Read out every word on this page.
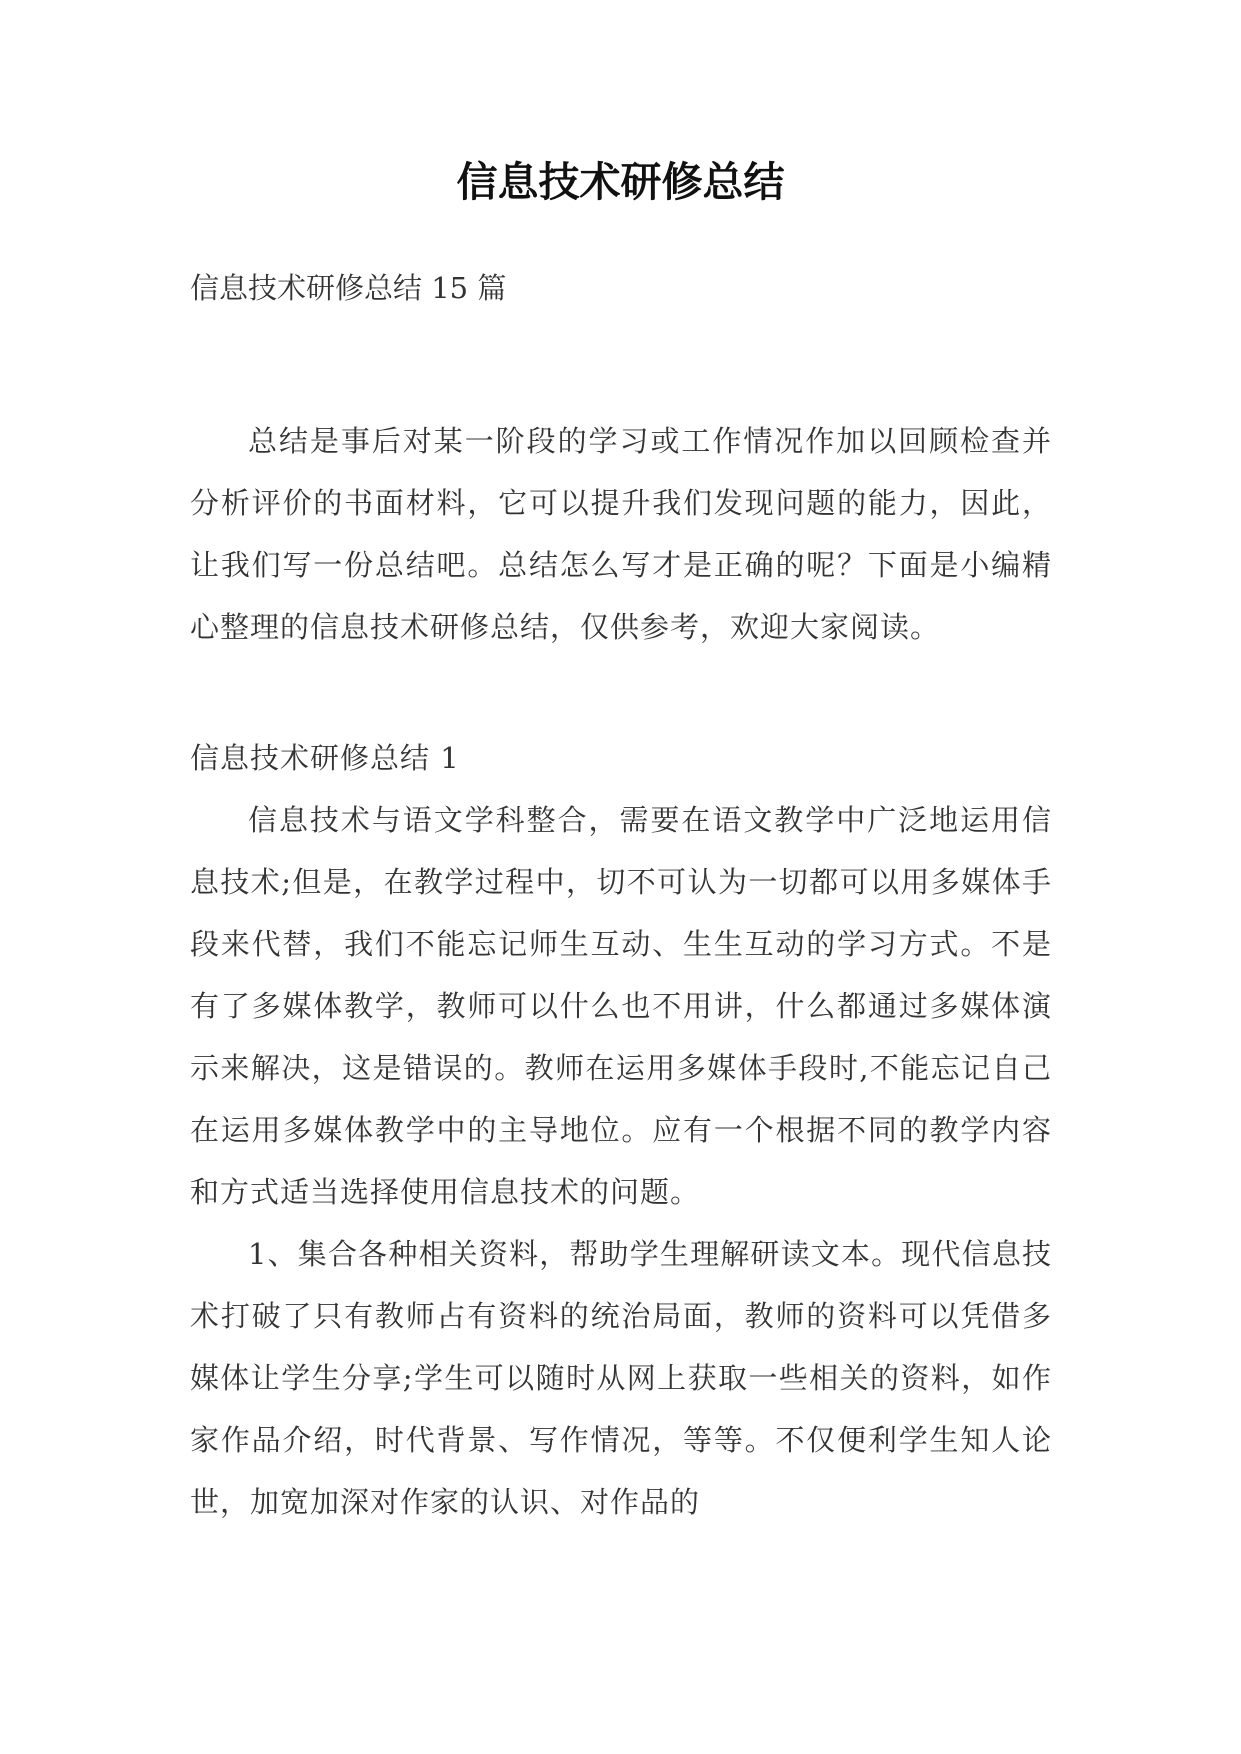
信息技术研修总结

信息技术研修总结 15 篇

总结是事后对某一阶段的学习或工作情况作加以回顾检查并分析评价的书面材料，它可以提升我们发现问题的能力，因此，让我们写一份总结吧。总结怎么写才是正确的呢？下面是小编精心整理的信息技术研修总结，仅供参考，欢迎大家阅读。

信息技术研修总结 1

信息技术与语文学科整合，需要在语文教学中广泛地运用信息技术;但是，在教学过程中，切不可认为一切都可以用多媒体手段来代替，我们不能忘记师生互动、生生互动的学习方式。不是有了多媒体教学，教师可以什么也不用讲，什么都通过多媒体演示来解决，这是错误的。教师在运用多媒体手段时,不能忘记自己在运用多媒体教学中的主导地位。应有一个根据不同的教学内容和方式适当选择使用信息技术的问题。

1、集合各种相关资料，帮助学生理解研读文本。现代信息技术打破了只有教师占有资料的统治局面，教师的资料可以凭借多媒体让学生分享;学生可以随时从网上获取一些相关的资料，如作家作品介绍，时代背景、写作情况，等等。不仅便利学生知人论世，加宽加深对作家的认识、对作品的
